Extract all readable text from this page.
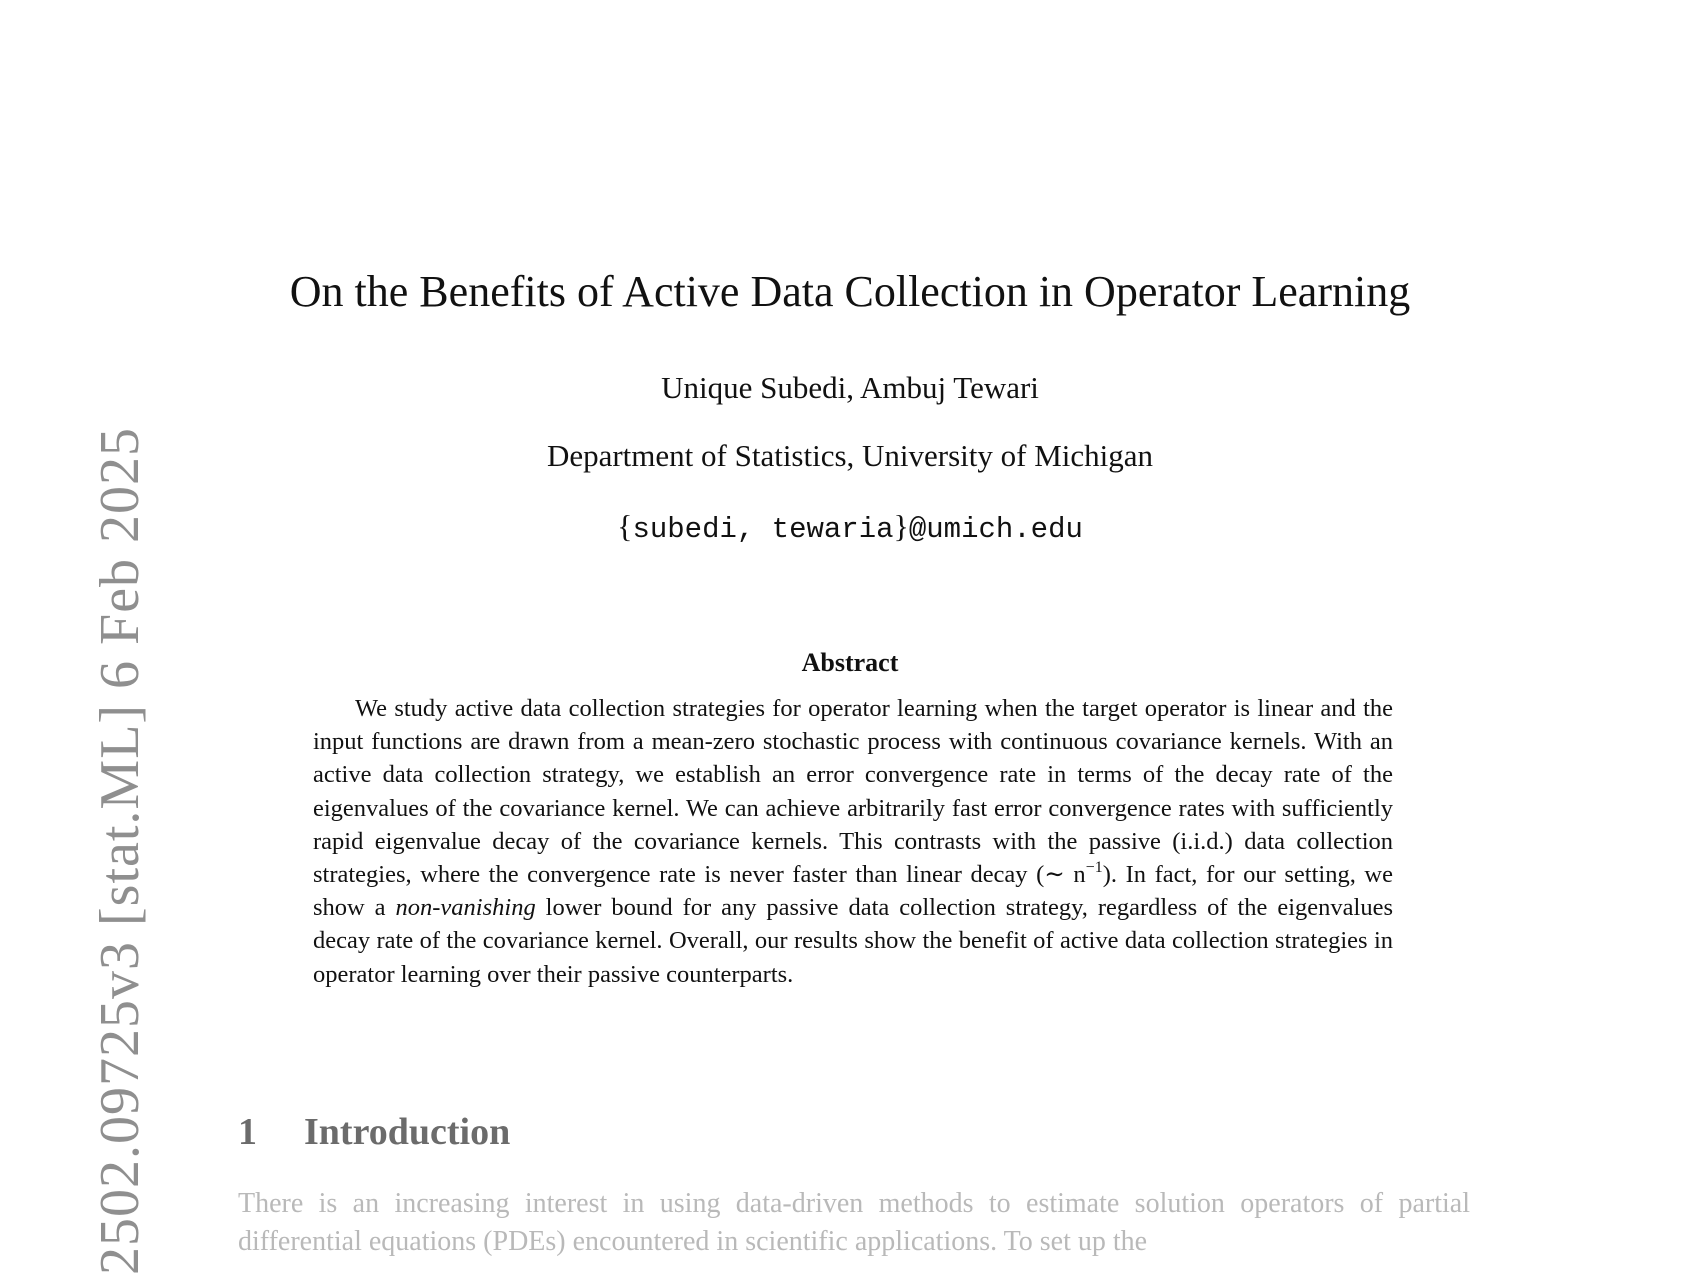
2502.09725v3 [stat.ML] 6 Feb 2025
On the Benefits of Active Data Collection in Operator Learning
Unique Subedi, Ambuj Tewari
Department of Statistics, University of Michigan
{subedi, tewaria}@umich.edu
Abstract

We study active data collection strategies for operator learning when the target operator is linear and the input functions are drawn from a mean-zero stochastic process with continuous covariance kernels. With an active data collection strategy, we establish an error convergence rate in terms of the decay rate of the eigenvalues of the covariance kernel. We can achieve arbitrarily fast error convergence rates with sufficiently rapid eigenvalue decay of the covariance kernels. This contrasts with the passive (i.i.d.) data collection strategies, where the convergence rate is never faster than linear decay (∼ $n^{-1}$). In fact, for our setting, we show a non-vanishing lower bound for any passive data collection strategy, regardless of the eigenvalues decay rate of the covariance kernel. Overall, our results show the benefit of active data collection strategies in operator learning over their passive counterparts.

1 Introduction

There is an increasing interest in using data-driven methods to estimate solution operators of partial differential equations (PDEs) encountered in scientific applications. To set up the
